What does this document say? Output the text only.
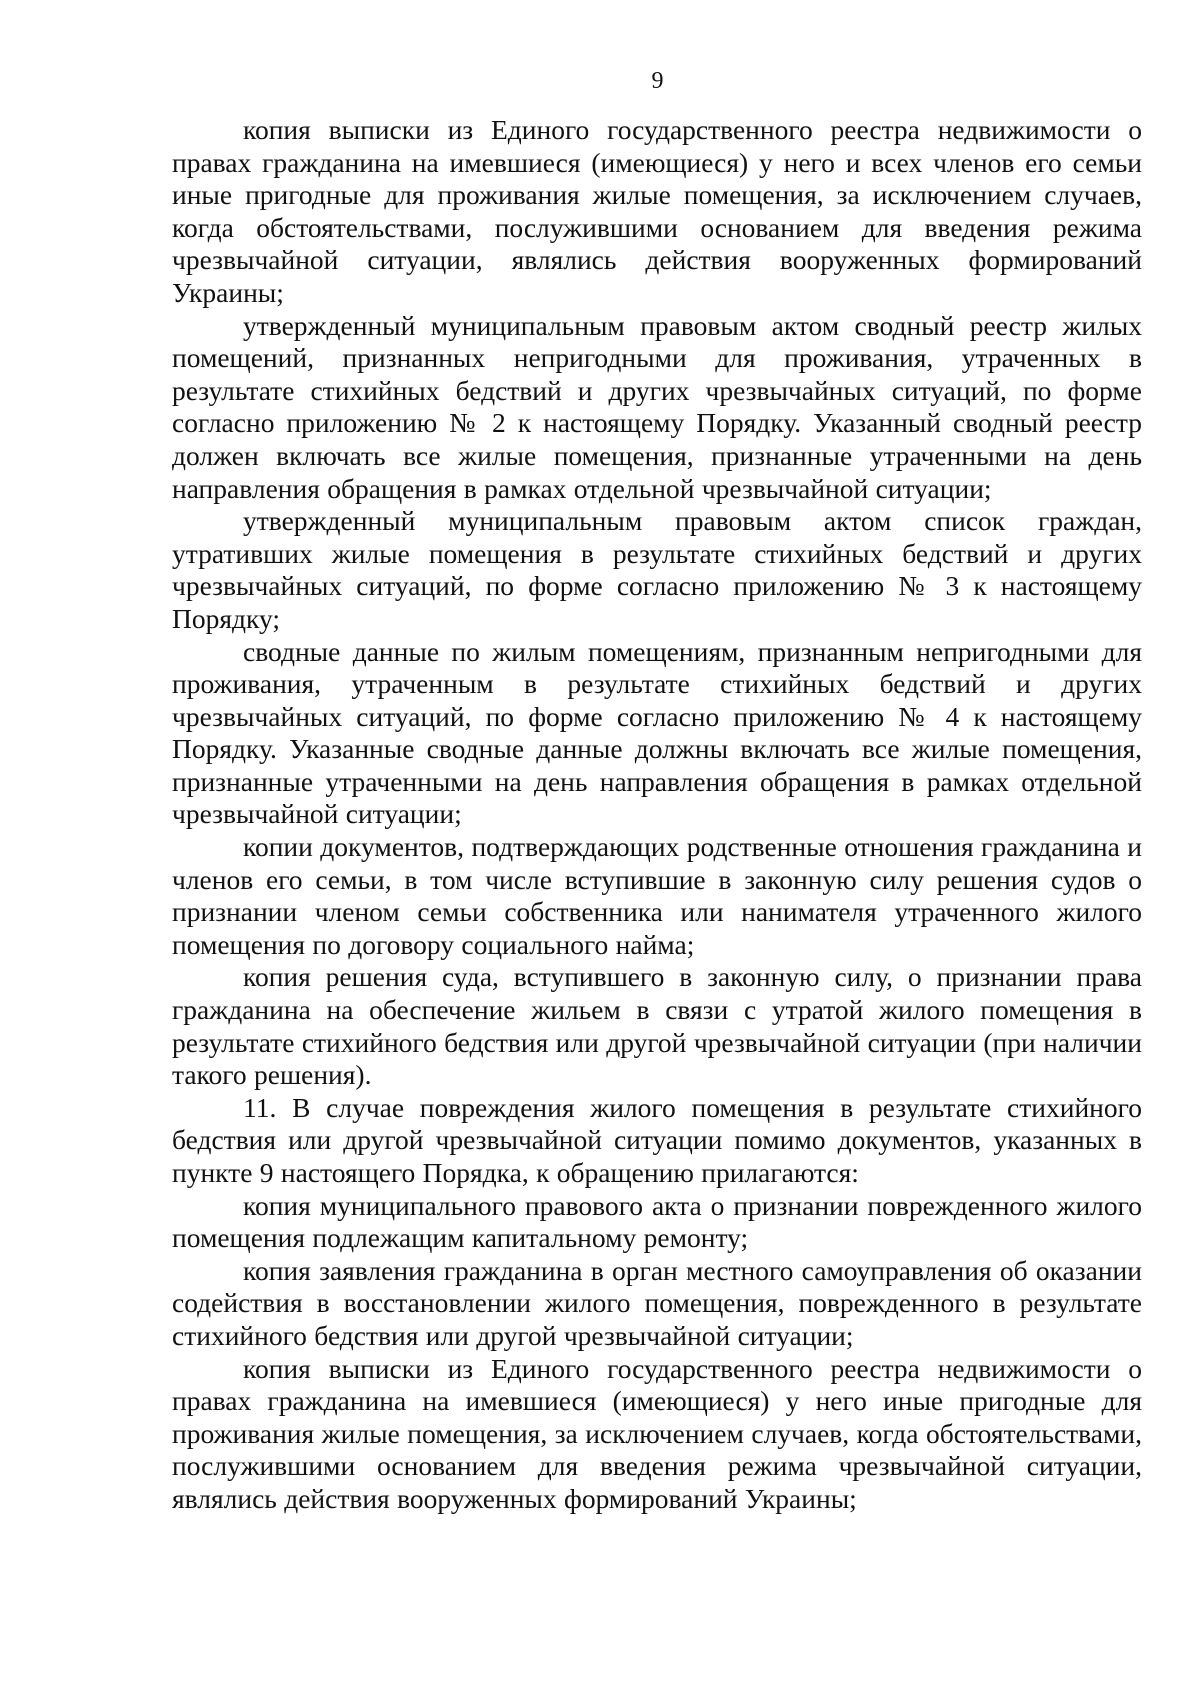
9

копия выписки из Единого государственного реестра недвижимости о правах гражданина на имевшиеся (имеющиеся) у него и всех членов его семьи иные пригодные для проживания жилые помещения, за исключением случаев, когда обстоятельствами, послужившими основанием для введения режима чрезвычайной ситуации, являлись действия вооруженных формирований Украины;

утвержденный муниципальным правовым актом сводный реестр жилых помещений, признанных непригодными для проживания, утраченных в результате стихийных бедствий и других чрезвычайных ситуаций, по форме согласно приложению № 2 к настоящему Порядку. Указанный сводный реестр должен включать все жилые помещения, признанные утраченными на день направления обращения в рамках отдельной чрезвычайной ситуации;

утвержденный муниципальным правовым актом список граждан, утративших жилые помещения в результате стихийных бедствий и других чрезвычайных ситуаций, по форме согласно приложению № 3 к настоящему Порядку;

сводные данные по жилым помещениям, признанным непригодными для проживания, утраченным в результате стихийных бедствий и других чрезвычайных ситуаций, по форме согласно приложению № 4 к настоящему Порядку. Указанные сводные данные должны включать все жилые помещения, признанные утраченными на день направления обращения в рамках отдельной чрезвычайной ситуации;

копии документов, подтверждающих родственные отношения гражданина и членов его семьи, в том числе вступившие в законную силу решения судов о признании членом семьи собственника или нанимателя утраченного жилого помещения по договору социального найма;

копия решения суда, вступившего в законную силу, о признании права гражданина на обеспечение жильем в связи с утратой жилого помещения в результате стихийного бедствия или другой чрезвычайной ситуации (при наличии такого решения).

11. В случае повреждения жилого помещения в результате стихийного бедствия или другой чрезвычайной ситуации помимо документов, указанных в пункте 9 настоящего Порядка, к обращению прилагаются:

копия муниципального правового акта о признании поврежденного жилого помещения подлежащим капитальному ремонту;

копия заявления гражданина в орган местного самоуправления об оказании содействия в восстановлении жилого помещения, поврежденного в результате стихийного бедствия или другой чрезвычайной ситуации;

копия выписки из Единого государственного реестра недвижимости о правах гражданина на имевшиеся (имеющиеся) у него иные пригодные для проживания жилые помещения, за исключением случаев, когда обстоятельствами, послужившими основанием для введения режима чрезвычайной ситуации, являлись действия вооруженных формирований Украины;
